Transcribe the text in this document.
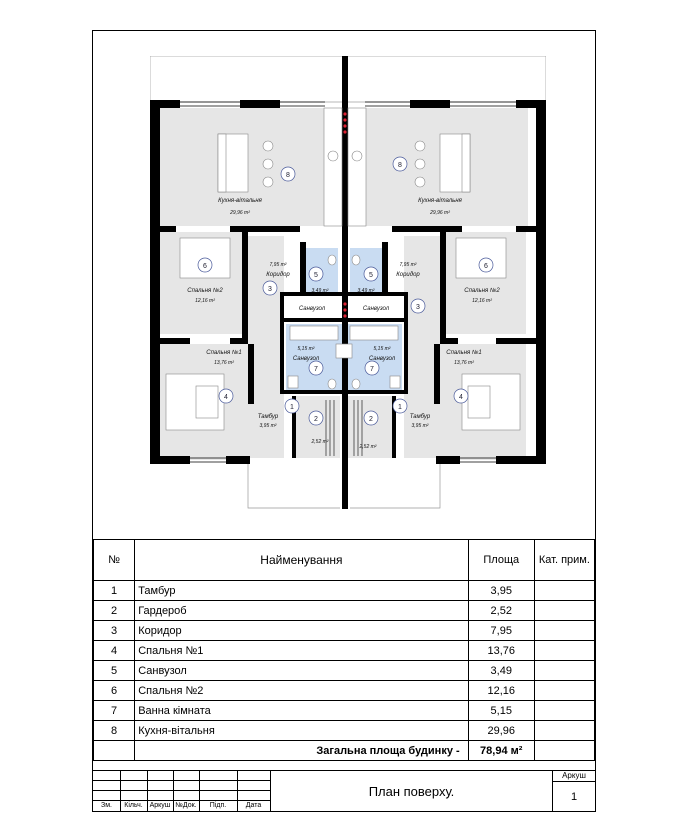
8
8
6	6
3
3
5	5
4	4
7	7
1	1
2	2
Кухня-вітальня
29,96 m²
Кухня-вітальня
29,96 m²
Спальня №2
12,16 m²
Спальня №2
12,16 m²
Спальня №1
13,76 m²
Спальня №1
13,76 m²
7,95 m²
Коридор
7,95 m²
Коридор
3,49 m²	3,49 m²
Санвузол	Санвузол
5,15 m²
Санвузол
5,15 m²
Санвузол
Тамбур
3,95 m²
Тамбур
3,95 m²
2,52 m²
2,52 m²
№	Найменування	Площа	Кат. прим.
1	Тамбур	3,95	
2	Гардероб	2,52	
3	Коридор	7,95	
4	Спальня №1	13,76	
5	Санвузол	3,49	
6	Спальня №2	12,16	
7	Ванна кімната	5,15	
8	Кухня-вітальня	29,96	
	Загальна площа будинку -	78,94 м²	
Зм.	Кільч. Аркуш №Док.	Підп.	Дата
План поверху.
Аркуш
1
